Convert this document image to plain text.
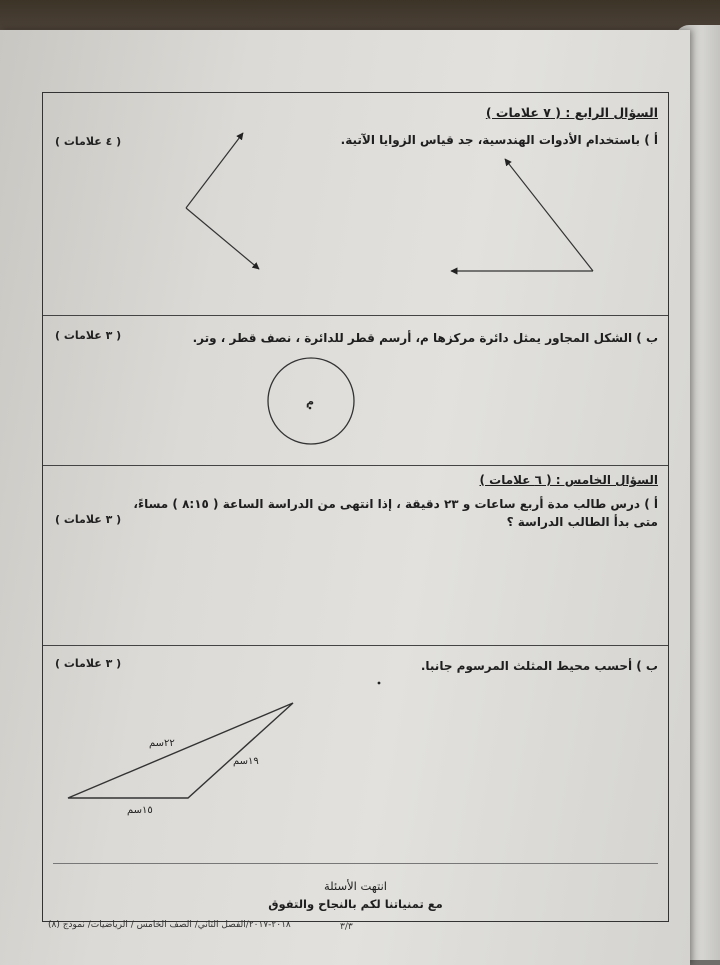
السؤال الرابع : ( ٧ علامات )
أ ) باستخدام الأدوات الهندسية، جد قياس الزوايا الآتية.
( ٤ علامات )
ب ) الشكل المجاور يمثل دائرة مركزها م، أرسم قطر للدائرة ، نصف قطر ، وتر.
( ٣ علامات )
م
السؤال الخامس : ( ٦ علامات )
أ ) درس طالب مدة أربع ساعات و ٢٣ دقيقة ، إذا انتهى من الدراسة الساعة ( ٨:١٥ ) مساءً،
متى بدأ الطالب الدراسة ؟
( ٣ علامات )
ب ) أحسب محيط المثلث المرسوم جانبا.
( ٣ علامات )
٢٢سم
١٩سم
١٥سم
انتهت الأسئلة
مع تمنياتنا لكم بالنجاح والتفوق
٢٠١٨-٢٠١٧/الفصل الثاني/ الصف الخامس / الرياضيات/ نموذج (٨)	٣/٣
